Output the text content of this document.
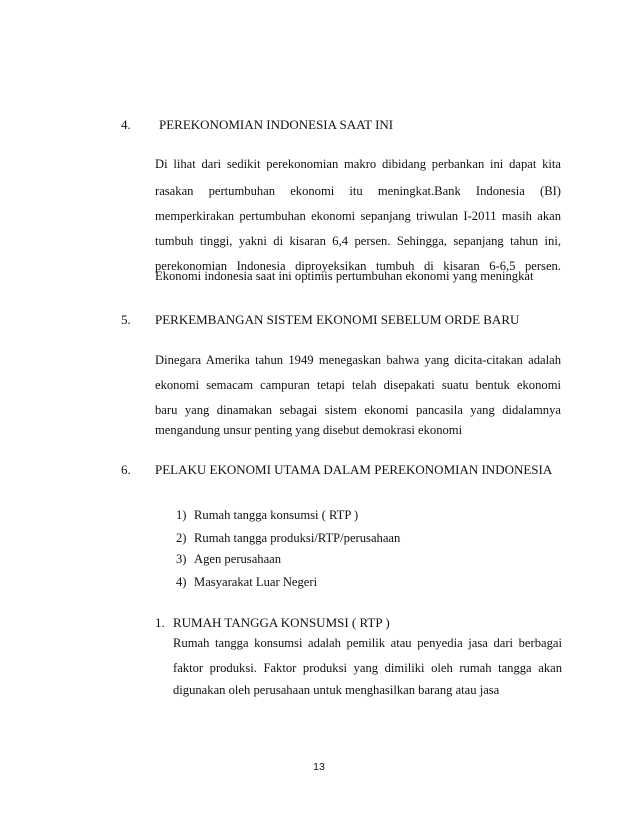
4. PEREKONOMIAN INDONESIA SAAT INI
Di lihat dari sedikit perekonomian makro dibidang perbankan ini dapat kita
rasakan pertumbuhan ekonomi itu meningkat.Bank Indonesia (BI)
memperkirakan pertumbuhan ekonomi sepanjang triwulan I-2011 masih akan
tumbuh tinggi, yakni di kisaran 6,4 persen. Sehingga, sepanjang tahun ini,
perekonomian Indonesia diproyeksikan tumbuh di kisaran 6-6,5 persen.
Ekonomi indonesia saat ini optimis pertumbuhan ekonomi yang meningkat
5. PERKEMBANGAN SISTEM EKONOMI SEBELUM ORDE BARU
Dinegara Amerika tahun 1949 menegaskan bahwa yang dicita-citakan adalah
ekonomi semacam campuran tetapi telah disepakati suatu bentuk ekonomi
baru yang dinamakan sebagai sistem ekonomi pancasila yang didalamnya
mengandung unsur penting yang disebut demokrasi ekonomi
6. PELAKU EKONOMI UTAMA DALAM PEREKONOMIAN INDONESIA
1) Rumah tangga konsumsi ( RTP )
2) Rumah tangga produksi/RTP/perusahaan
3) Agen perusahaan
4) Masyarakat Luar Negeri
1. RUMAH TANGGA KONSUMSI ( RTP )
Rumah tangga konsumsi adalah pemilik atau penyedia jasa dari berbagai
faktor produksi. Faktor produksi yang dimiliki oleh rumah tangga akan
digunakan oleh perusahaan untuk menghasilkan barang atau jasa
13
